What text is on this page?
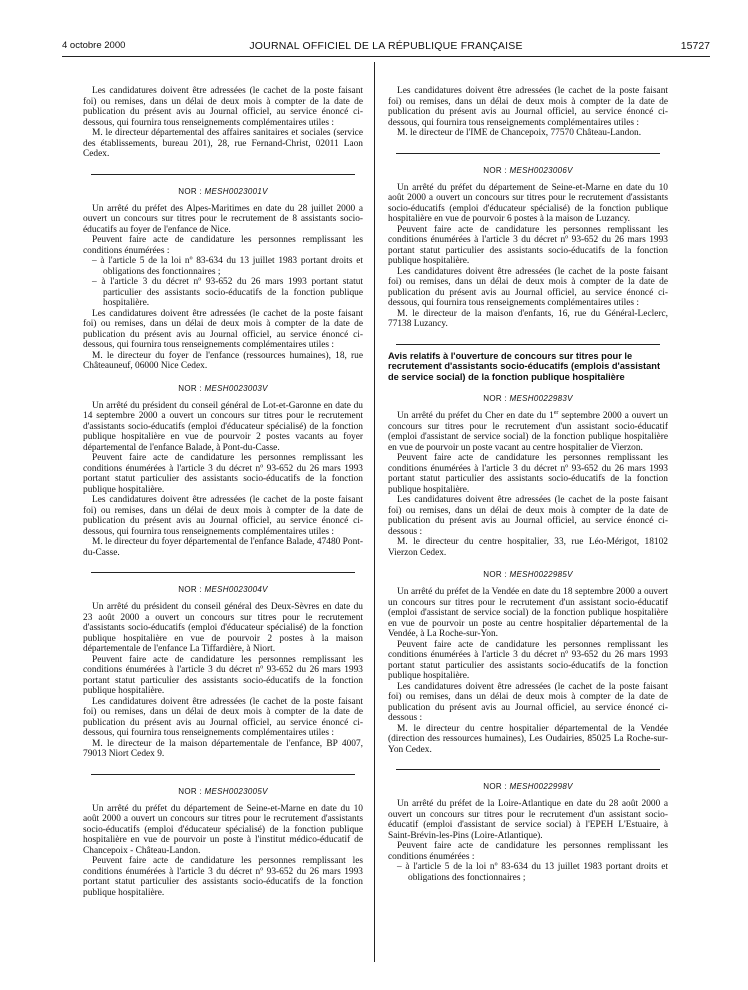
4 octobre 2000	JOURNAL OFFICIEL DE LA RÉPUBLIQUE FRANÇAISE	15727

Les candidatures doivent être adressées (le cachet de la poste faisant foi) ou remises, dans un délai de deux mois à compter de la date de publication du présent avis au Journal officiel, au service énoncé ci-dessous, qui fournira tous renseignements complémentaires utiles :

M. le directeur départemental des affaires sanitaires et sociales (service des établissements, bureau 201), 28, rue Fernand-Christ, 02011 Laon Cedex.

NOR : MESH0023001V

Un arrêté du préfet des Alpes-Maritimes en date du 28 juillet 2000 a ouvert un concours sur titres pour le recrutement de 8 assistants socio-éducatifs au foyer de l'enfance de Nice.

Peuvent faire acte de candidature les personnes remplissant les conditions énumérées :

– à l'article 5 de la loi nº 83-634 du 13 juillet 1983 portant droits et obligations des fonctionnaires ;

– à l'article 3 du décret nº 93-652 du 26 mars 1993 portant statut particulier des assistants socio-éducatifs de la fonction publique hospitalière.

Les candidatures doivent être adressées (le cachet de la poste faisant foi) ou remises, dans un délai de deux mois à compter de la date de publication du présent avis au Journal officiel, au service énoncé ci-dessous, qui fournira tous renseignements complémentaires utiles :

M. le directeur du foyer de l'enfance (ressources humaines), 18, rue Châteauneuf, 06000 Nice Cedex.

NOR : MESH0023003V

Un arrêté du président du conseil général de Lot-et-Garonne en date du 14 septembre 2000 a ouvert un concours sur titres pour le recrutement d'assistants socio-éducatifs (emploi d'éducateur spécialisé) de la fonction publique hospitalière en vue de pourvoir 2 postes vacants au foyer départemental de l'enfance Balade, à Pont-du-Casse.

Peuvent faire acte de candidature les personnes remplissant les conditions énumérées à l'article 3 du décret nº 93-652 du 26 mars 1993 portant statut particulier des assistants socio-éducatifs de la fonction publique hospitalière.

Les candidatures doivent être adressées (le cachet de la poste faisant foi) ou remises, dans un délai de deux mois à compter de la date de publication du présent avis au Journal officiel, au service énoncé ci-dessous, qui fournira tous renseignements complémentaires utiles :

M. le directeur du foyer départemental de l'enfance Balade, 47480 Pont-du-Casse.

NOR : MESH0023004V

Un arrêté du président du conseil général des Deux-Sèvres en date du 23 août 2000 a ouvert un concours sur titres pour le recrutement d'assistants socio-éducatifs (emploi d'éducateur spécialisé) de la fonction publique hospitalière en vue de pourvoir 2 postes à la maison départementale de l'enfance La Tiffardière, à Niort.

Peuvent faire acte de candidature les personnes remplissant les conditions énumérées à l'article 3 du décret nº 93-652 du 26 mars 1993 portant statut particulier des assistants socio-éducatifs de la fonction publique hospitalière.

Les candidatures doivent être adressées (le cachet de la poste faisant foi) ou remises, dans un délai de deux mois à compter de la date de publication du présent avis au Journal officiel, au service énoncé ci-dessous, qui fournira tous renseignements complémentaires utiles :

M. le directeur de la maison départementale de l'enfance, BP 4007, 79013 Niort Cedex 9.

NOR : MESH0023005V

Un arrêté du préfet du département de Seine-et-Marne en date du 10 août 2000 a ouvert un concours sur titres pour le recrutement d'assistants socio-éducatifs (emploi d'éducateur spécialisé) de la fonction publique hospitalière en vue de pourvoir un poste à l'institut médico-éducatif de Chancepoix - Château-Landon.

Peuvent faire acte de candidature les personnes remplissant les conditions énumérées à l'article 3 du décret nº 93-652 du 26 mars 1993 portant statut particulier des assistants socio-éducatifs de la fonction publique hospitalière.

Les candidatures doivent être adressées (le cachet de la poste faisant foi) ou remises, dans un délai de deux mois à compter de la date de publication du présent avis au Journal officiel, au service énoncé ci-dessous, qui fournira tous renseignements complémentaires utiles :

M. le directeur de l'IME de Chancepoix, 77570 Château-Landon.

NOR : MESH0023006V

Un arrêté du préfet du département de Seine-et-Marne en date du 10 août 2000 a ouvert un concours sur titres pour le recrutement d'assistants socio-éducatifs (emploi d'éducateur spécialisé) de la fonction publique hospitalière en vue de pourvoir 6 postes à la maison de Luzancy.

Peuvent faire acte de candidature les personnes remplissant les conditions énumérées à l'article 3 du décret nº 93-652 du 26 mars 1993 portant statut particulier des assistants socio-éducatifs de la fonction publique hospitalière.

Les candidatures doivent être adressées (le cachet de la poste faisant foi) ou remises, dans un délai de deux mois à compter de la date de publication du présent avis au Journal officiel, au service énoncé ci-dessous, qui fournira tous renseignements complémentaires utiles :

M. le directeur de la maison d'enfants, 16, rue du Général-Leclerc, 77138 Luzancy.

Avis relatifs à l'ouverture de concours sur titres pour le recrutement d'assistants socio-éducatifs (emplois d'assistant de service social) de la fonction publique hospitalière

NOR : MESH0022983V

Un arrêté du préfet du Cher en date du 1er septembre 2000 a ouvert un concours sur titres pour le recrutement d'un assistant socio-éducatif (emploi d'assistant de service social) de la fonction publique hospitalière en vue de pourvoir un poste vacant au centre hospitalier de Vierzon.

Peuvent faire acte de candidature les personnes remplissant les conditions énumérées à l'article 3 du décret nº 93-652 du 26 mars 1993 portant statut particulier des assistants socio-éducatifs de la fonction publique hospitalière.

Les candidatures doivent être adressées (le cachet de la poste faisant foi) ou remises, dans un délai de deux mois à compter de la date de publication du présent avis au Journal officiel, au service énoncé ci-dessous :

M. le directeur du centre hospitalier, 33, rue Léo-Mérigot, 18102 Vierzon Cedex.

NOR : MESH0022985V

Un arrêté du préfet de la Vendée en date du 18 septembre 2000 a ouvert un concours sur titres pour le recrutement d'un assistant socio-éducatif (emploi d'assistant de service social) de la fonction publique hospitalière en vue de pourvoir un poste au centre hospitalier départemental de la Vendée, à La Roche-sur-Yon.

Peuvent faire acte de candidature les personnes remplissant les conditions énumérées à l'article 3 du décret nº 93-652 du 26 mars 1993 portant statut particulier des assistants socio-éducatifs de la fonction publique hospitalière.

Les candidatures doivent être adressées (le cachet de la poste faisant foi) ou remises, dans un délai de deux mois à compter de la date de publication du présent avis au Journal officiel, au service énoncé ci-dessous :

M. le directeur du centre hospitalier départemental de la Vendée (direction des ressources humaines), Les Oudairies, 85025 La Roche-sur-Yon Cedex.

NOR : MESH0022998V

Un arrêté du préfet de la Loire-Atlantique en date du 28 août 2000 a ouvert un concours sur titres pour le recrutement d'un assistant socio-éducatif (emploi d'assistant de service social) à l'EPEH L'Estuaire, à Saint-Brévin-les-Pins (Loire-Atlantique).

Peuvent faire acte de candidature les personnes remplissant les conditions énumérées :

– à l'article 5 de la loi nº 83-634 du 13 juillet 1983 portant droits et obligations des fonctionnaires ;
